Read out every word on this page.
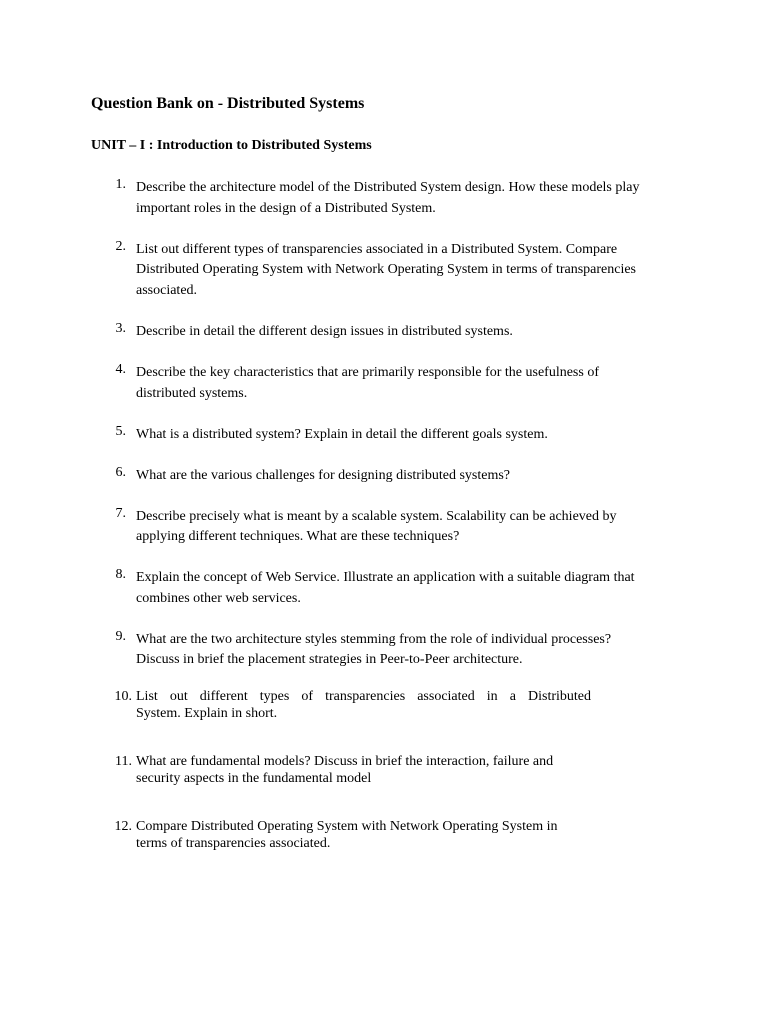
Question Bank on - Distributed Systems
UNIT – I : Introduction to Distributed Systems
1. Describe the architecture model of the Distributed System design. How these models play
important roles in the design of a Distributed System.
2. List out different types of transparencies associated in a Distributed System. Compare
Distributed Operating System with Network Operating System in terms of transparencies
associated.
3. Describe in detail the different design issues in distributed systems.
4. Describe the key characteristics that are primarily responsible for the usefulness of
distributed systems.
5. What is a distributed system? Explain in detail the different goals system.
6. What are the various challenges for designing distributed systems?
7. Describe precisely what is meant by a scalable system. Scalability can be achieved by
applying different techniques. What are these techniques?
8. Explain the concept of Web Service. Illustrate an application with a suitable diagram that
combines other web services.
9. What are the two architecture styles stemming from the role of individual processes?
Discuss in brief the placement strategies in Peer-to-Peer architecture.
10. List out different types of transparencies associated in a Distributed
System. Explain in short.
11. What are fundamental models? Discuss in brief the interaction, failure and
security aspects in the fundamental model
12. Compare Distributed Operating System with Network Operating System in
terms of transparencies associated.
